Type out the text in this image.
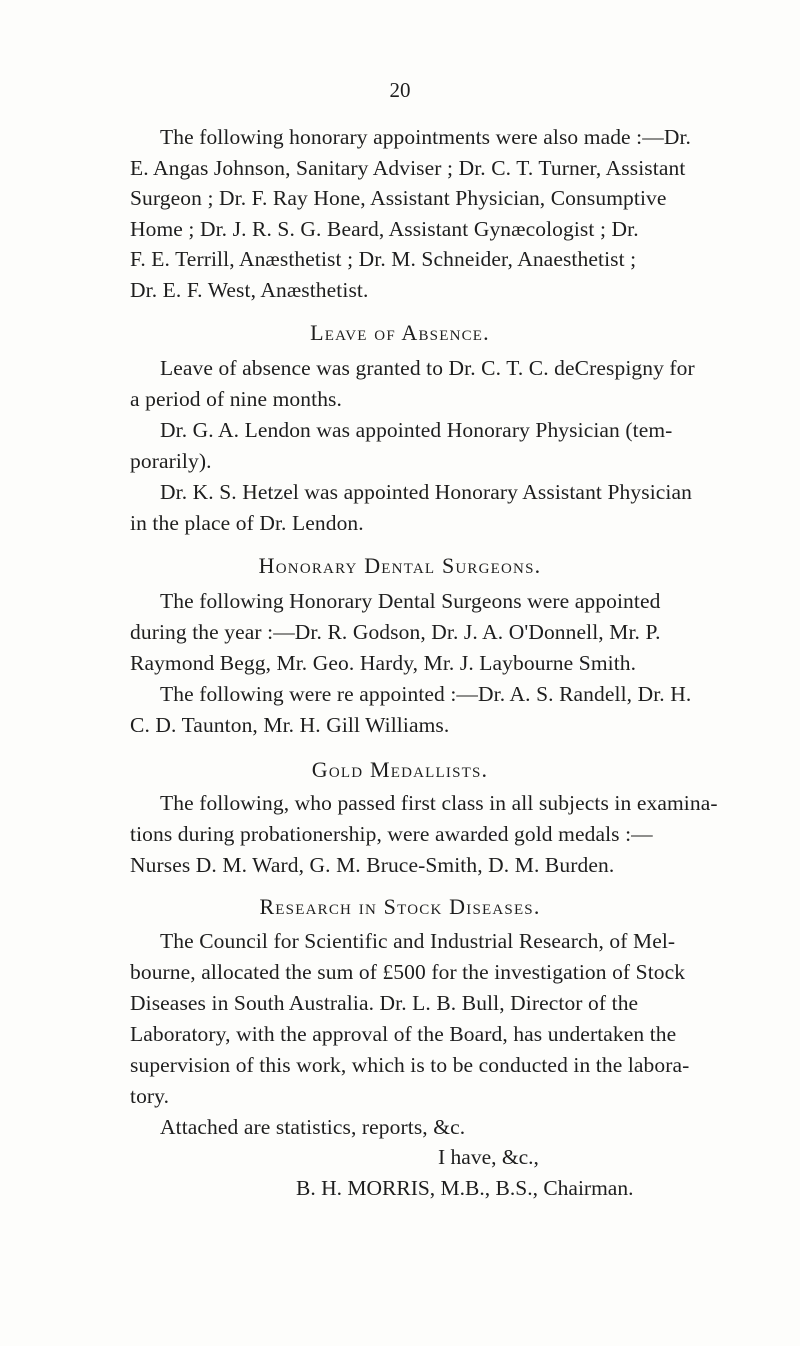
20
The following honorary appointments were also made :—Dr.
E. Angas Johnson, Sanitary Adviser ; Dr. C. T. Turner, Assistant
Surgeon ; Dr. F. Ray Hone, Assistant Physician, Consumptive
Home ; Dr. J. R. S. G. Beard, Assistant Gynæcologist ; Dr.
F. E. Terrill, Anæsthetist ; Dr. M. Schneider, Anaesthetist ;
Dr. E. F. West, Anæsthetist.
Leave of Absence.
Leave of absence was granted to Dr. C. T. C. deCrespigny for
a period of nine months.
Dr. G. A. Lendon was appointed Honorary Physician (tem-
porarily).
Dr. K. S. Hetzel was appointed Honorary Assistant Physician
in the place of Dr. Lendon.
Honorary Dental Surgeons.
The following Honorary Dental Surgeons were appointed
during the year :—Dr. R. Godson, Dr. J. A. O'Donnell, Mr. P.
Raymond Begg, Mr. Geo. Hardy, Mr. J. Laybourne Smith.
The following were re appointed :—Dr. A. S. Randell, Dr. H.
C. D. Taunton, Mr. H. Gill Williams.
Gold Medallists.
The following, who passed first class in all subjects in examina-
tions during probationership, were awarded gold medals :—
Nurses D. M. Ward, G. M. Bruce-Smith, D. M. Burden.
Research in Stock Diseases.
The Council for Scientific and Industrial Research, of Mel-
bourne, allocated the sum of £500 for the investigation of Stock
Diseases in South Australia. Dr. L. B. Bull, Director of the
Laboratory, with the approval of the Board, has undertaken the
supervision of this work, which is to be conducted in the labora-
tory.
Attached are statistics, reports, &c.
I have, &c.,
B. H. MORRIS, M.B., B.S., Chairman.
